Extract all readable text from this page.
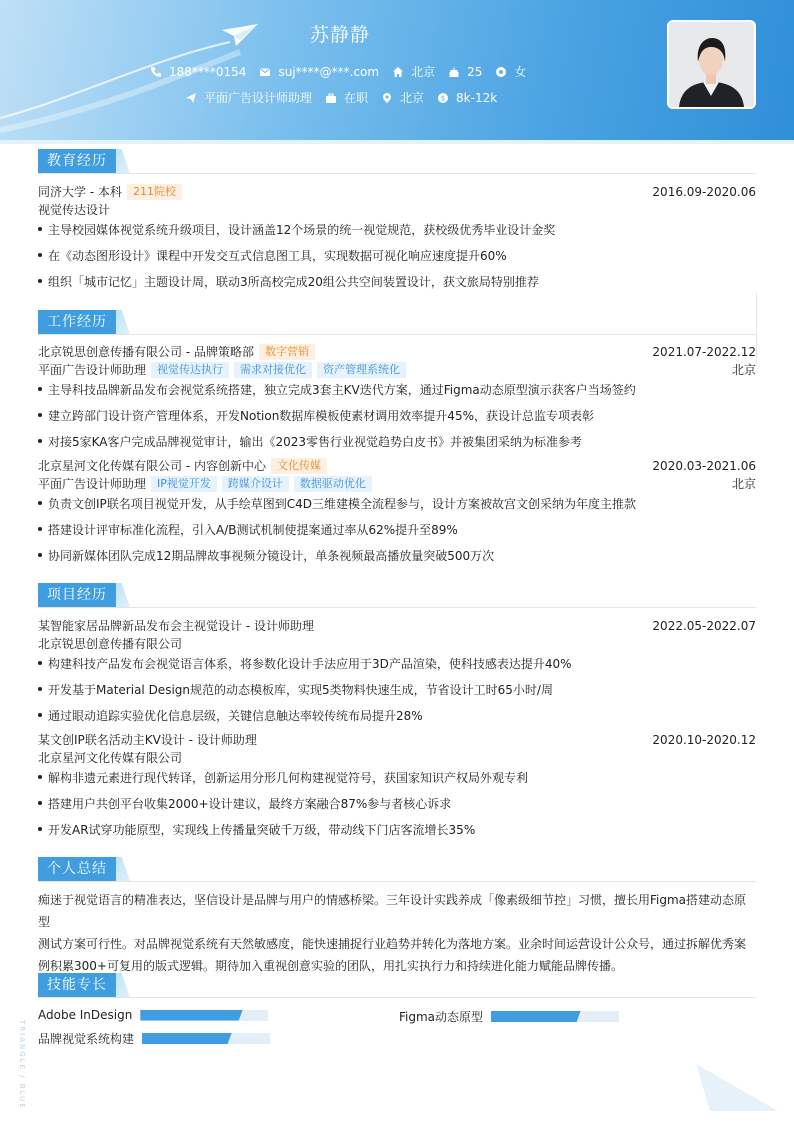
苏静静
188****0154	suj****@***.com	北京	25	女
平面广告设计师助理	在职	北京 $ 8k-12k
教育经历
同济大学 - 本科	211院校	2016.09-2020.06
视觉传达设计
主导校园媒体视觉系统升级项目，设计涵盖12个场景的统一视觉规范，获校级优秀毕业设计金奖
在《动态图形设计》课程中开发交互式信息图工具，实现数据可视化响应速度提升60%
组织「城市记忆」主题设计周，联动3所高校完成20组公共空间装置设计，获文旅局特别推荐
工作经历
北京锐思创意传播有限公司 - 品牌策略部	数字营销	2021.07-2022.12
平面广告设计师助理	视觉传达执行	需求对接优化	资产管理系统化	北京
主导科技品牌新品发布会视觉系统搭建，独立完成3套主KV迭代方案，通过Figma动态原型演示获客户当场签约
建立跨部门设计资产管理体系，开发Notion数据库模板使素材调用效率提升45%，获设计总监专项表彰
对接5家KA客户完成品牌视觉审计，输出《2023零售行业视觉趋势白皮书》并被集团采纳为标准参考
北京星河文化传媒有限公司 - 内容创新中心	文化传媒	2020.03-2021.06
平面广告设计师助理	IP视觉开发	跨媒介设计	数据驱动优化	北京
负责文创IP联名项目视觉开发，从手绘草图到C4D三维建模全流程参与，设计方案被故宫文创采纳为年度主推款
搭建设计评审标准化流程，引入A/B测试机制使提案通过率从62%提升至89%
协同新媒体团队完成12期品牌故事视频分镜设计，单条视频最高播放量突破500万次
项目经历
某智能家居品牌新品发布会主视觉设计 - 设计师助理	2022.05-2022.07
北京锐思创意传播有限公司
构建科技产品发布会视觉语言体系，将参数化设计手法应用于3D产品渲染，使科技感表达提升40%
开发基于Material Design规范的动态模板库，实现5类物料快速生成，节省设计工时65小时/周
通过眼动追踪实验优化信息层级，关键信息触达率较传统布局提升28%
某文创IP联名活动主KV设计 - 设计师助理	2020.10-2020.12
北京星河文化传媒有限公司
解构非遗元素进行现代转译，创新运用分形几何构建视觉符号，获国家知识产权局外观专利
搭建用户共创平台收集2000+设计建议，最终方案融合87%参与者核心诉求
开发AR试穿功能原型，实现线上传播量突破千万级，带动线下门店客流增长35%
个人总结
痴迷于视觉语言的精准表达，坚信设计是品牌与用户的情感桥梁。三年设计实践养成「像素级细节控」习惯，擅长用Figma搭建动态原型
测试方案可行性。对品牌视觉系统有天然敏感度，能快速捕捉行业趋势并转化为落地方案。业余时间运营设计公众号，通过拆解优秀案
例积累300+可复用的版式逻辑。期待加入重视创意实验的团队，用扎实执行力和持续进化能力赋能品牌传播。
技能专长
Adobe InDesign	Figma动态原型
品牌视觉系统构建
TRIANGLE / BLUE
